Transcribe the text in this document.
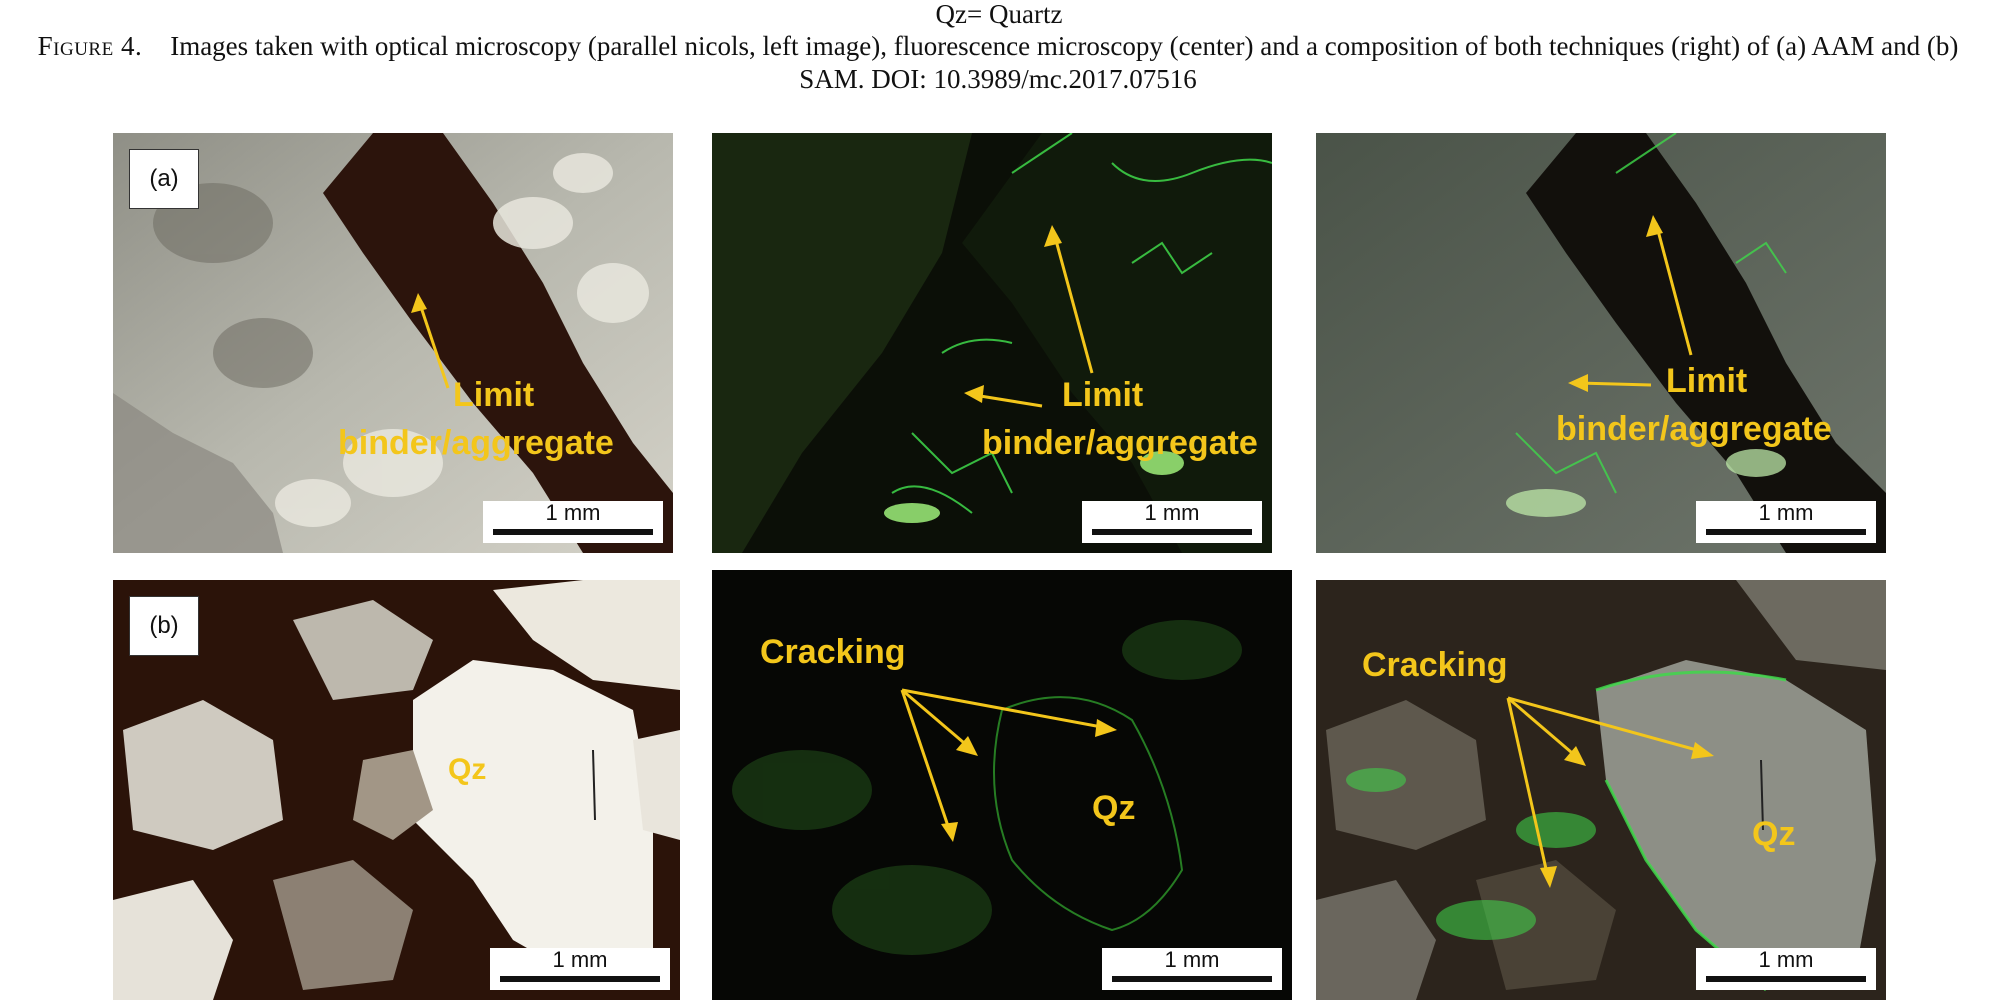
Qz= Quartz
Figure 4. Images taken with optical microscopy (parallel nicols, left image), fluorescence microscopy (center) and a composition of both techniques (right) of (a) AAM and (b) SAM. DOI: 10.3989/mc.2017.07516
(a)
Limit
binder/aggregate
1 mm
Limit
binder/aggregate
1 mm
Limit
binder/aggregate
1 mm
(b)
Qz
1 mm
Cracking
Qz
1 mm
Cracking
Qz
1 mm
